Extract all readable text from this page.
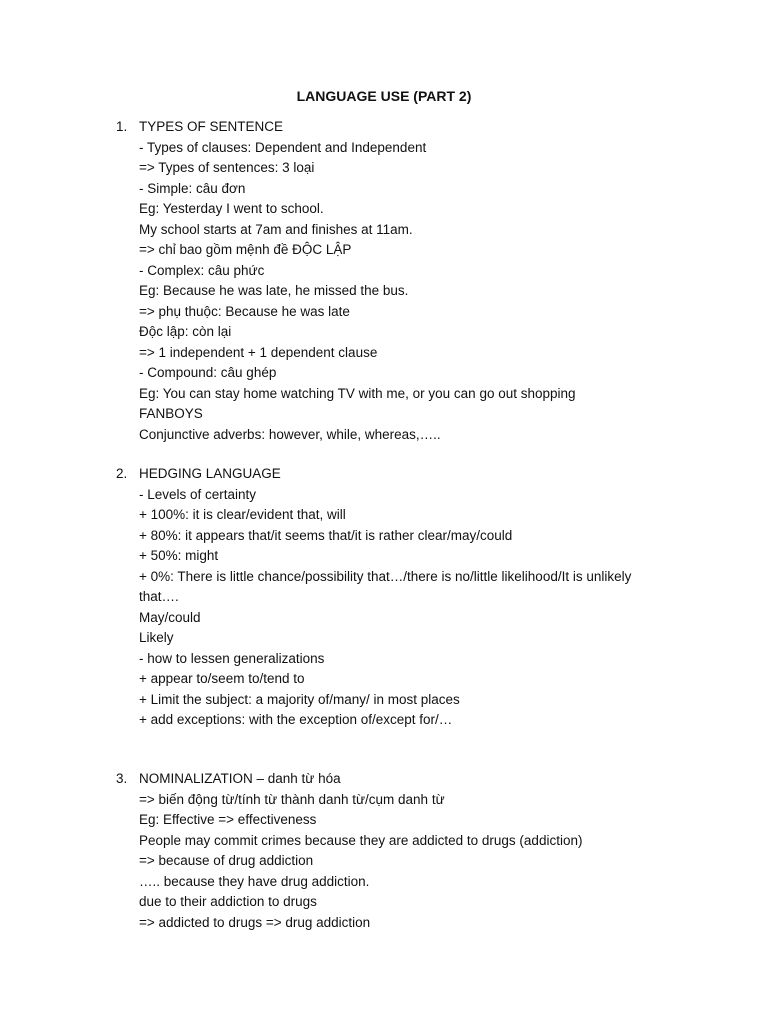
LANGUAGE USE (PART 2)
1. TYPES OF SENTENCE

- Types of clauses: Dependent and Independent

=> Types of sentences: 3 loại

- Simple: câu đơn

Eg: Yesterday I went to school.

My school starts at 7am and finishes at 11am.

=> chỉ bao gồm mệnh đề ĐỘC LẬP

- Complex: câu phức

Eg: Because he was late, he missed the bus.

=> phụ thuộc: Because he was late

Độc lập: còn lại

=> 1 independent + 1 dependent clause

- Compound: câu ghép

Eg: You can stay home watching TV with me, or you can go out shopping

FANBOYS

Conjunctive adverbs: however, while, whereas,…..

2. HEDGING LANGUAGE

- Levels of certainty

+ 100%: it is clear/evident that, will

+ 80%: it appears that/it seems that/it is rather clear/may/could

+ 50%: might

+ 0%: There is little chance/possibility that…/there is no/little likelihood/It is unlikely

that….

May/could

Likely

- how to lessen generalizations

+ appear to/seem to/tend to

+ Limit the subject: a majority of/many/ in most places

+ add exceptions: with the exception of/except for/…

3. NOMINALIZATION – danh từ hóa

=> biến động từ/tính từ thành danh từ/cụm danh từ

Eg: Effective => effectiveness

People may commit crimes because they are addicted to drugs (addiction)

=> because of drug addiction

….. because they have drug addiction.

due to their addiction to drugs

=> addicted to drugs => drug addiction
